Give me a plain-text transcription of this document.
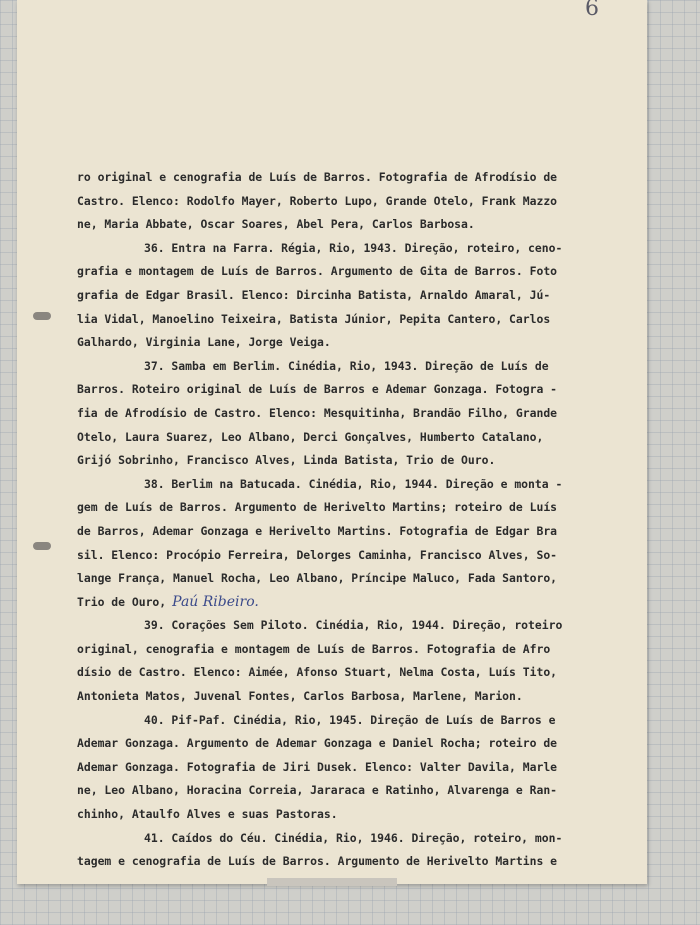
6
ro original e cenografia de Luís de Barros. Fotografia de Afrodísio de
Castro. Elenco: Rodolfo Mayer, Roberto Lupo, Grande Otelo, Frank Mazzo
ne, Maria Abbate, Oscar Soares, Abel Pera, Carlos Barbosa.
36. Entra na Farra. Régia, Rio, 1943. Direção, roteiro, ceno-
grafia e montagem de Luís de Barros. Argumento de Gita de Barros. Foto
grafia de Edgar Brasil. Elenco: Dircinha Batista, Arnaldo Amaral, Jú-
lia Vidal, Manoelino Teixeira, Batista Júnior, Pepita Cantero, Carlos
Galhardo, Virginia Lane, Jorge Veiga.
37. Samba em Berlim. Cinédia, Rio, 1943. Direção de Luís de
Barros. Roteiro original de Luís de Barros e Ademar Gonzaga. Fotogra -
fia de Afrodísio de Castro. Elenco: Mesquitinha, Brandão Filho, Grande
Otelo, Laura Suarez, Leo Albano, Derci Gonçalves, Humberto Catalano,
Grijó Sobrinho, Francisco Alves, Linda Batista, Trio de Ouro.
38. Berlim na Batucada. Cinédia, Rio, 1944. Direção e monta -
gem de Luís de Barros. Argumento de Herivelto Martins; roteiro de Luís
de Barros, Ademar Gonzaga e Herivelto Martins. Fotografia de Edgar Bra
sil. Elenco: Procópio Ferreira, Delorges Caminha, Francisco Alves, So-
lange França, Manuel Rocha, Leo Albano, Príncipe Maluco, Fada Santoro,
Trio de Ouro, Paú Ribeiro.
39. Corações Sem Piloto. Cinédia, Rio, 1944. Direção, roteiro
original, cenografia e montagem de Luís de Barros. Fotografia de Afro
dísio de Castro. Elenco: Aimée, Afonso Stuart, Nelma Costa, Luís Tito,
Antonieta Matos, Juvenal Fontes, Carlos Barbosa, Marlene, Marion.
40. Pif-Paf. Cinédia, Rio, 1945. Direção de Luís de Barros e
Ademar Gonzaga. Argumento de Ademar Gonzaga e Daniel Rocha; roteiro de
Ademar Gonzaga. Fotografia de Jiri Dusek. Elenco: Valter Davila, Marle
ne, Leo Albano, Horacina Correia, Jararaca e Ratinho, Alvarenga e Ran-
chinho, Ataulfo Alves e suas Pastoras.
41. Caídos do Céu. Cinédia, Rio, 1946. Direção, roteiro, mon-
tagem e cenografia de Luís de Barros. Argumento de Herivelto Martins e
